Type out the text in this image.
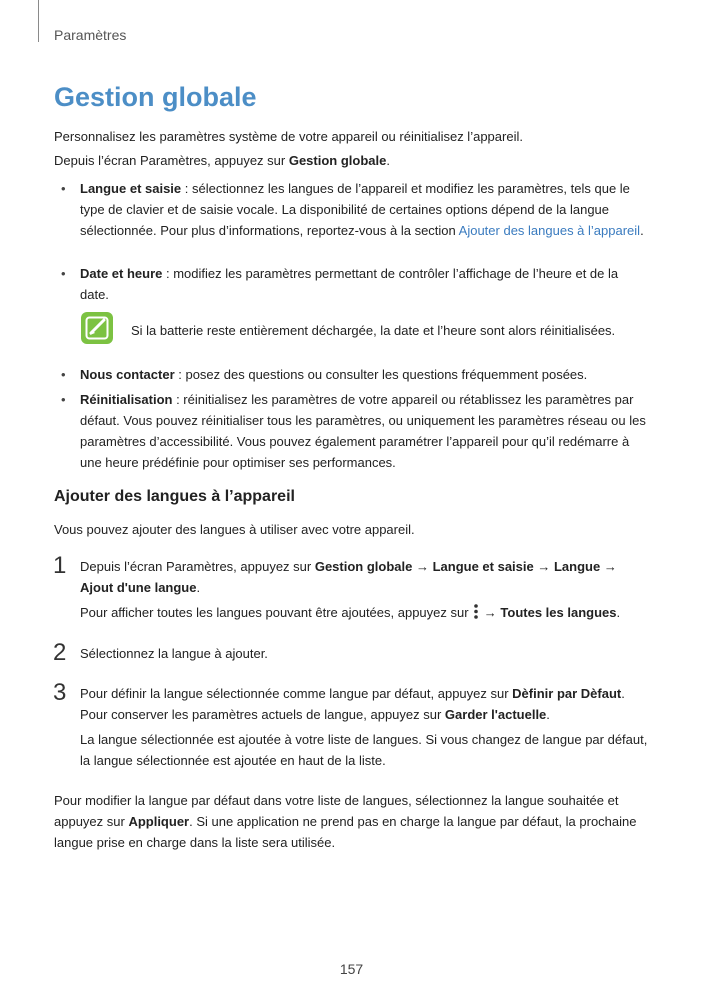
Paramètres
Gestion globale
Personnalisez les paramètres système de votre appareil ou réinitialisez l’appareil.
Depuis l’écran Paramètres, appuyez sur Gestion globale.
• Langue et saisie : sélectionnez les langues de l’appareil et modifiez les paramètres, tels que le type de clavier et de saisie vocale. La disponibilité de certaines options dépend de la langue sélectionnée. Pour plus d’informations, reportez-vous à la section Ajouter des langues à l’appareil.
• Date et heure : modifiez les paramètres permettant de contrôler l’affichage de l’heure et de la date.
Si la batterie reste entièrement déchargée, la date et l’heure sont alors réinitialisées.
• Nous contacter : posez des questions ou consulter les questions fréquemment posées.
• Réinitialisation : réinitialisez les paramètres de votre appareil ou rétablissez les paramètres par défaut. Vous pouvez réinitialiser tous les paramètres, ou uniquement les paramètres réseau ou les paramètres d’accessibilité. Vous pouvez également paramétrer l’appareil pour qu’il redémarre à une heure prédéfinie pour optimiser ses performances.
Ajouter des langues à l’appareil
Vous pouvez ajouter des langues à utiliser avec votre appareil.
1 Depuis l’écran Paramètres, appuyez sur Gestion globale → Langue et saisie → Langue → Ajout d'une langue.
Pour afficher toutes les langues pouvant être ajoutées, appuyez sur  → Toutes les langues.
2 Sélectionnez la langue à ajouter.
3 Pour définir la langue sélectionnée comme langue par défaut, appuyez sur Dèfinir par Dèfaut. Pour conserver les paramètres actuels de langue, appuyez sur Garder l'actuelle.
La langue sélectionnée est ajoutée à votre liste de langues. Si vous changez de langue par défaut, la langue sélectionnée est ajoutée en haut de la liste.
Pour modifier la langue par défaut dans votre liste de langues, sélectionnez la langue souhaitée et appuyez sur Appliquer. Si une application ne prend pas en charge la langue par défaut, la prochaine langue prise en charge dans la liste sera utilisée.
157
